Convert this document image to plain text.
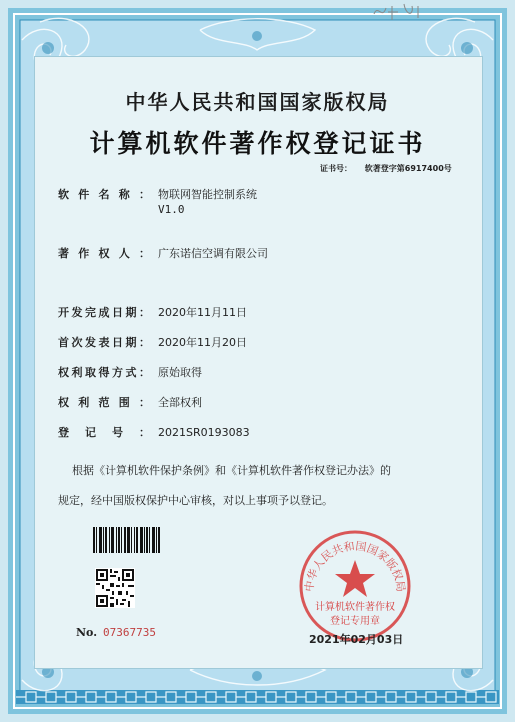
中华人民共和国国家版权局
计算机软件著作权登记证书
证书号： 软著登字第6917400号
软件名称： 物联网智能控制系统
V1.0
著作权人： 广东诺信空调有限公司
开发完成日期： 2020年11月11日
首次发表日期： 2020年11月20日
权利取得方式： 原始取得
权利范围： 全部权利
登记号： 2021SR0193083
根据《计算机软件保护条例》和《计算机软件著作权登记办法》的
规定，经中国版权保护中心审核，对以上事项予以登记。
No. 07367735
中华人民共和国国家版权局
计算机软件著作权
登记专用章
2021年02月03日
